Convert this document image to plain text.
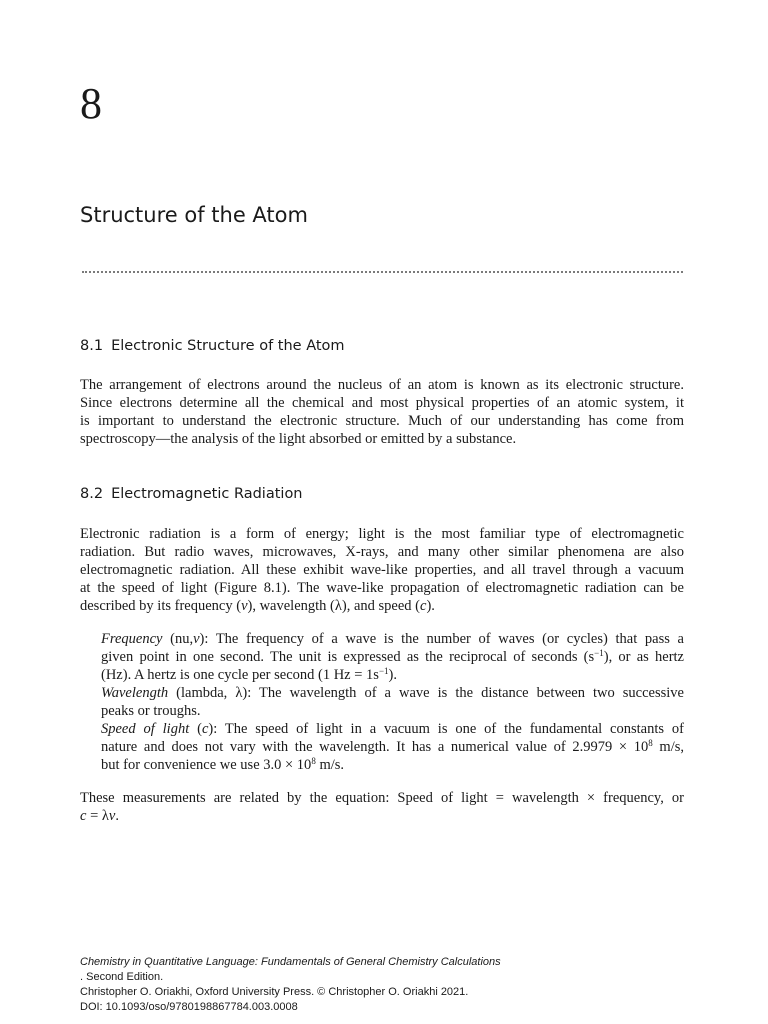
8
Structure of the Atom
8.1 Electronic Structure of the Atom
The arrangement of electrons around the nucleus of an atom is known as its electronic structure.
Since electrons determine all the chemical and most physical properties of an atomic system, it
is important to understand the electronic structure. Much of our understanding has come from
spectroscopy—the analysis of the light absorbed or emitted by a substance.
8.2 Electromagnetic Radiation
Electronic radiation is a form of energy; light is the most familiar type of electromagnetic
radiation. But radio waves, microwaves, X-rays, and many other similar phenomena are also
electromagnetic radiation. All these exhibit wave-like properties, and all travel through a vacuum
at the speed of light (Figure 8.1). The wave-like propagation of electromagnetic radiation can be
described by its frequency (ν), wavelength (λ), and speed (c).
Frequency (nu,ν): The frequency of a wave is the number of waves (or cycles) that pass a
given point in one second. The unit is expressed as the reciprocal of seconds $(s^{-1})$, or as hertz
(Hz). A hertz is one cycle per second (1 $Hz = 1s^{-1}$).
Wavelength (lambda, λ): The wavelength of a wave is the distance between two successive
peaks or troughs.
Speed of light (c): The speed of light in a vacuum is one of the fundamental constants of
nature and does not vary with the wavelength. It has a numerical value of $2.9979 \times 10^8$ m/s,
but for convenience we use $3.0 \times 10^8$ m/s.
These measurements are related by the equation: Speed of light = wavelength × frequency, or
c = λν.
Chemistry in Quantitative Language: Fundamentals of General Chemistry Calculations
. Second Edition.
Christopher O. Oriakhi, Oxford University Press. © Christopher O. Oriakhi 2021.
DOI: 10.1093/oso/9780198867784.003.0008
